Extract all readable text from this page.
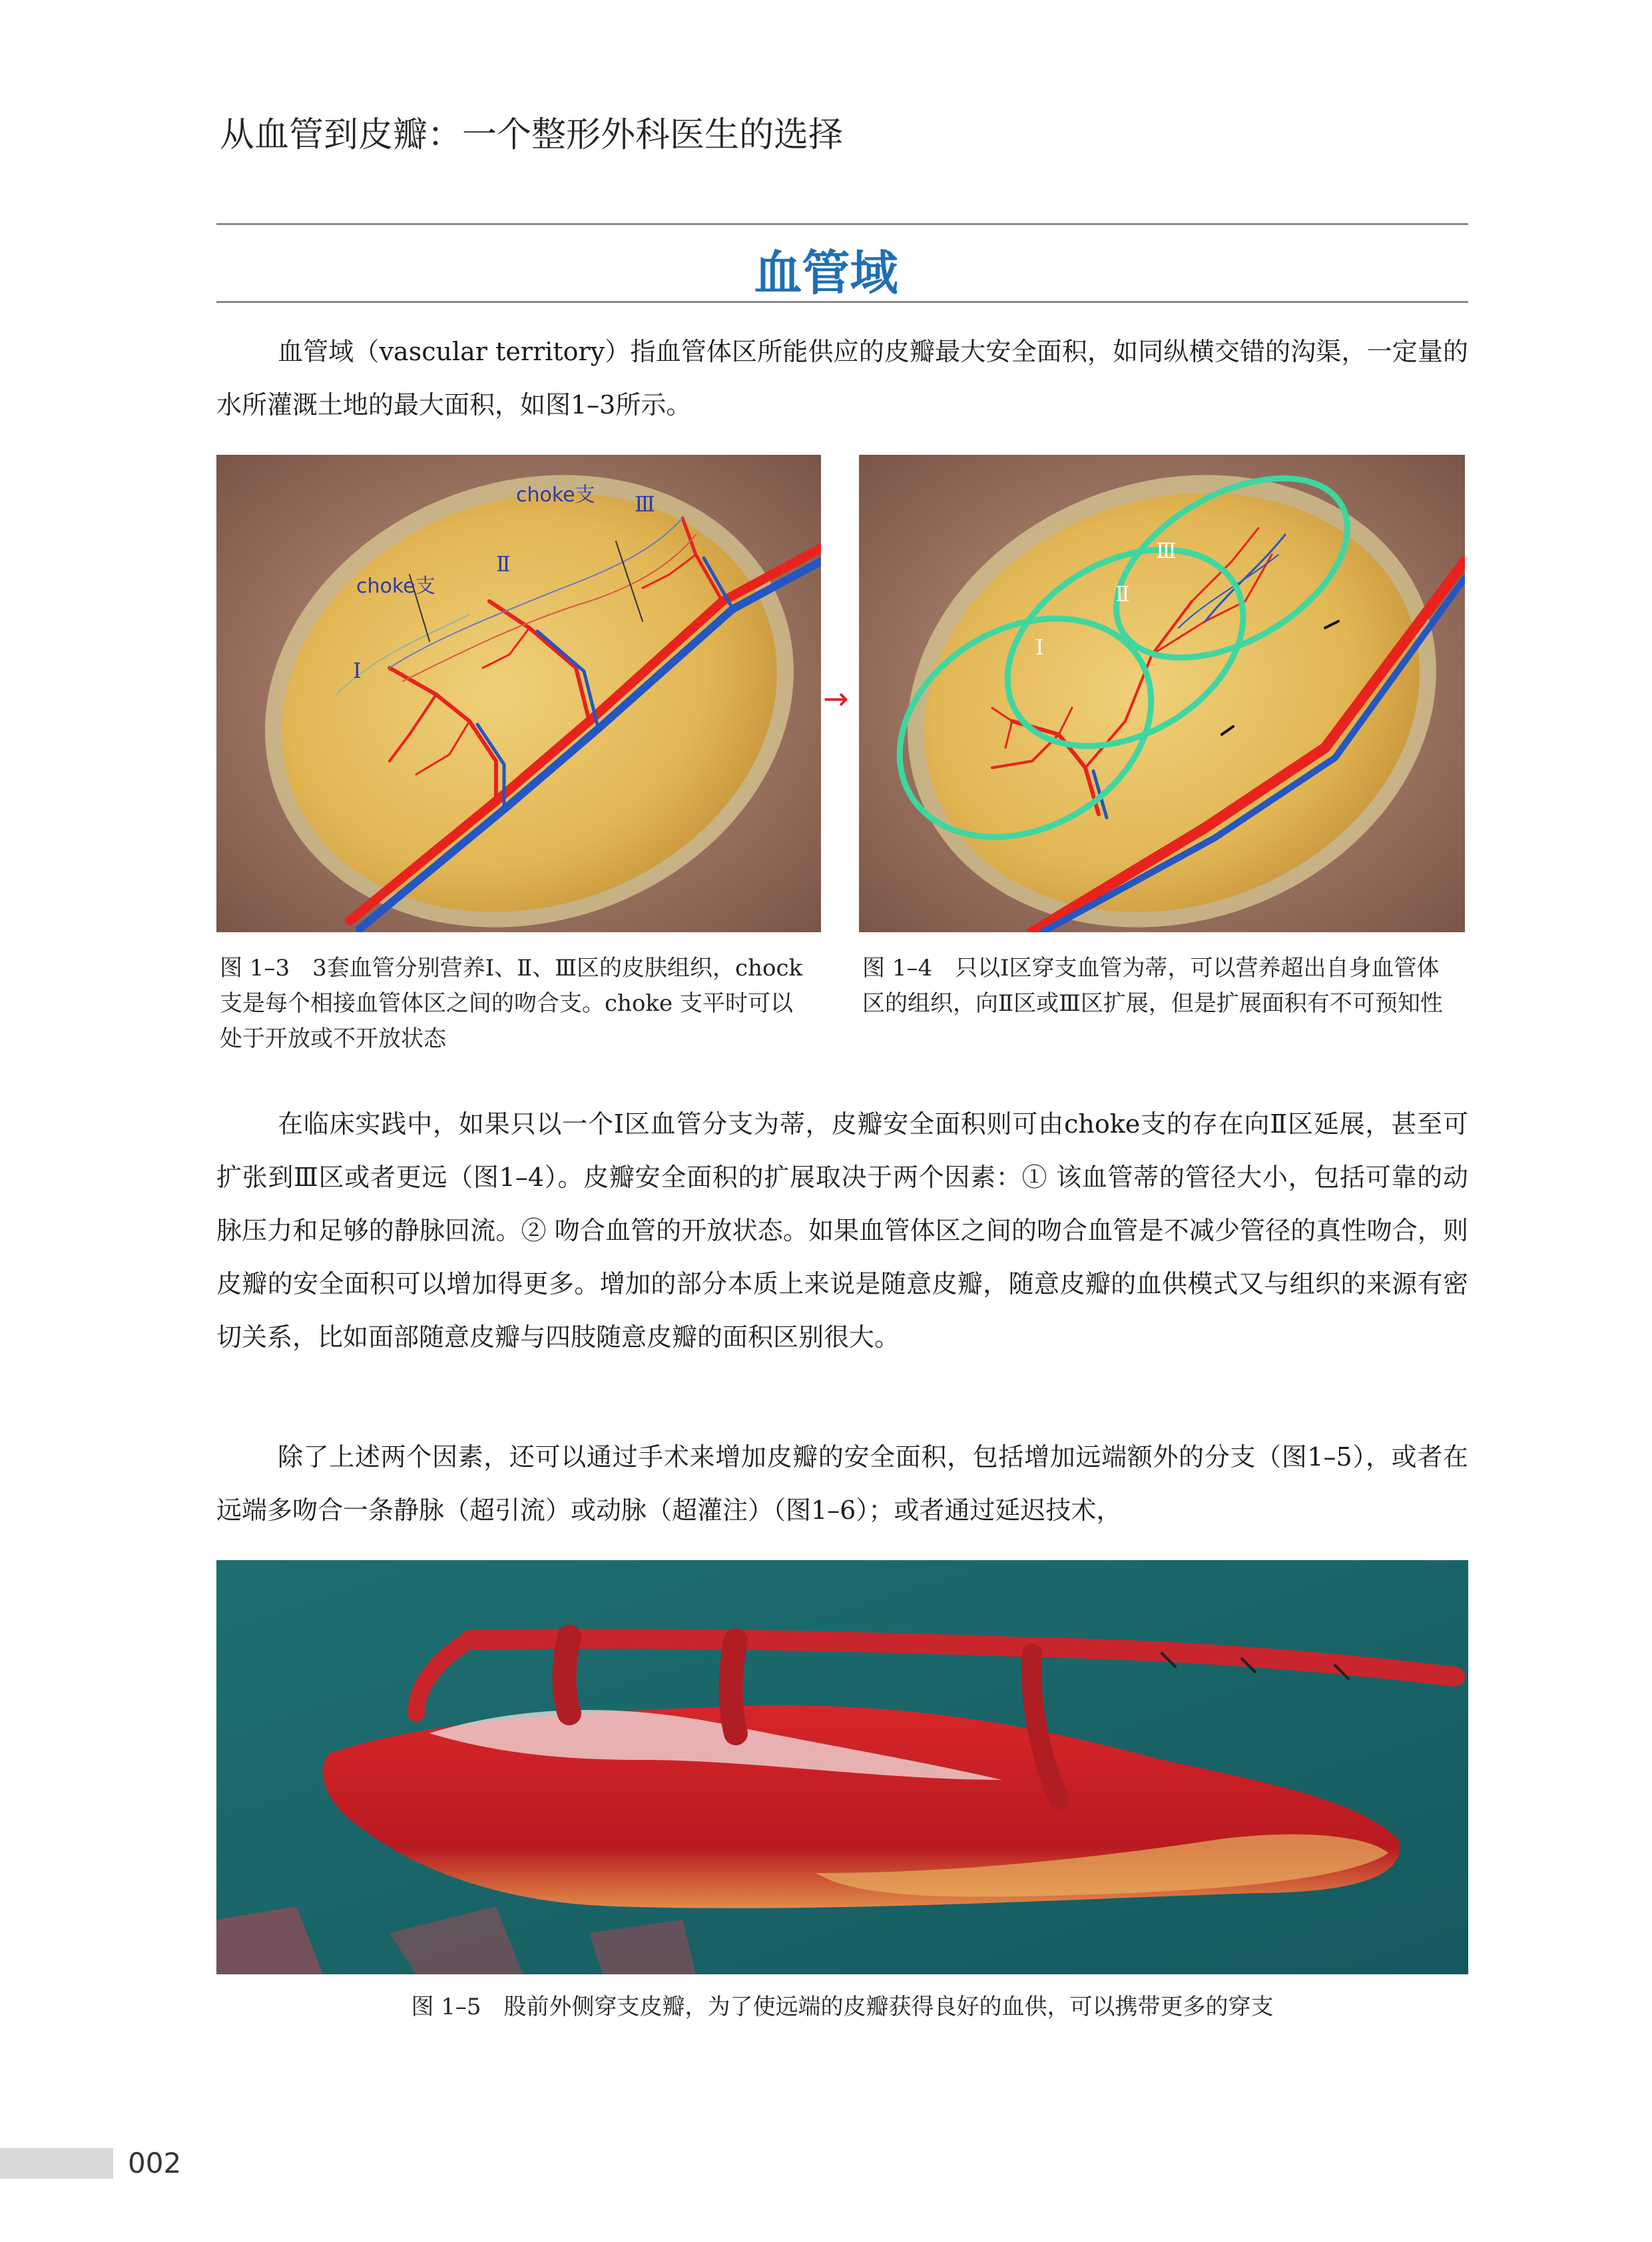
从血管到皮瓣：一个整形外科医生的选择
血管域

血管域（vascular territory）指血管体区所能供应的皮瓣最大安全面积，如同纵横交错的沟渠，一定量的水所灌溉土地的最大面积，如图1–3所示。

choke支
choke支
Ⅰ
Ⅱ
Ⅲ
→
Ⅰ
Ⅱ
Ⅲ
图 1–3 3套血管分别营养Ⅰ、Ⅱ、Ⅲ区的皮肤组织，chock 支是每个相接血管体区之间的吻合支。choke 支平时可以处于开放或不开放状态
图 1–4 只以Ⅰ区穿支血管为蒂，可以营养超出自身血管体区的组织，向Ⅱ区或Ⅲ区扩展，但是扩展面积有不可预知性

在临床实践中，如果只以一个Ⅰ区血管分支为蒂，皮瓣安全面积则可由choke支的存在向Ⅱ区延展，甚至可扩张到Ⅲ区或者更远（图1–4）。皮瓣安全面积的扩展取决于两个因素：① 该血管蒂的管径大小，包括可靠的动脉压力和足够的静脉回流。② 吻合血管的开放状态。如果血管体区之间的吻合血管是不减少管径的真性吻合，则皮瓣的安全面积可以增加得更多。增加的部分本质上来说是随意皮瓣，随意皮瓣的血供模式又与组织的来源有密切关系，比如面部随意皮瓣与四肢随意皮瓣的面积区别很大。

除了上述两个因素，还可以通过手术来增加皮瓣的安全面积，包括增加远端额外的分支（图1–5），或者在远端多吻合一条静脉（超引流）或动脉（超灌注）（图1–6）；或者通过延迟技术，

图 1–5 股前外侧穿支皮瓣，为了使远端的皮瓣获得良好的血供，可以携带更多的穿支
002
